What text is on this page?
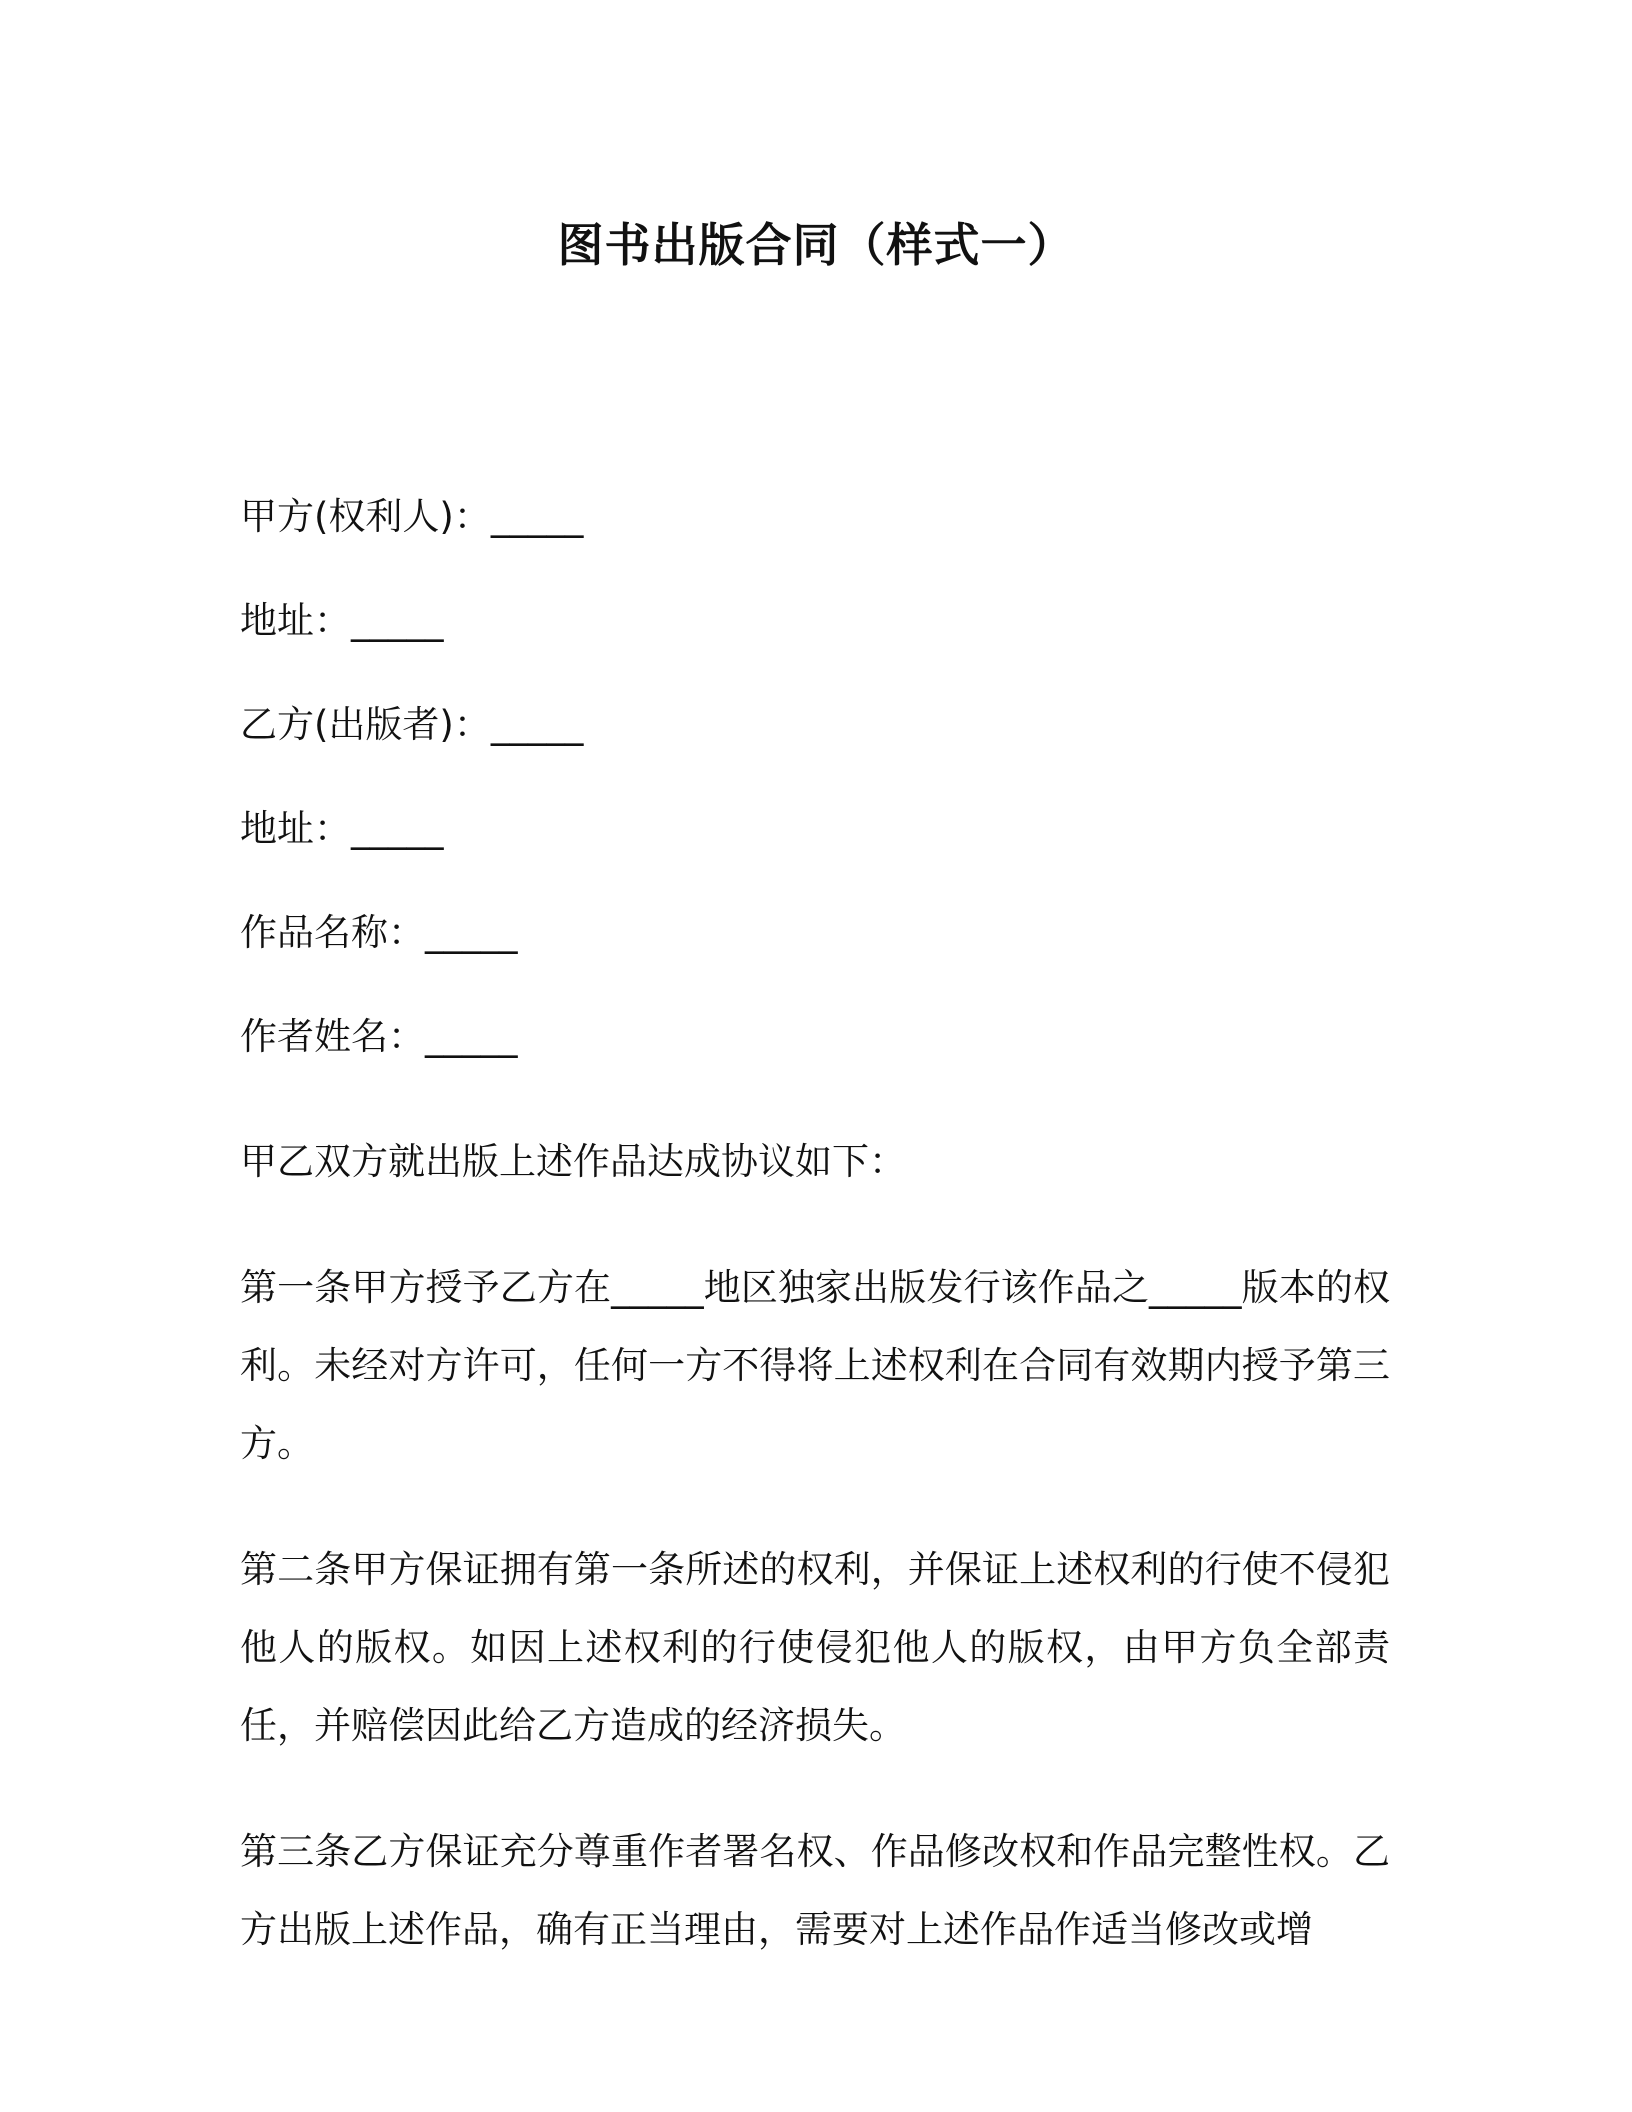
图书出版合同（样式一）

甲方(权利人)：_____

地址：_____

乙方(出版者)：_____

地址：_____

作品名称：_____

作者姓名：_____

甲乙双方就出版上述作品达成协议如下：

第一条甲方授予乙方在_____地区独家出版发行该作品之_____版本的权利。未经对方许可，任何一方不得将上述权利在合同有效期内授予第三方。

第二条甲方保证拥有第一条所述的权利，并保证上述权利的行使不侵犯他人的版权。如因上述权利的行使侵犯他人的版权，由甲方负全部责任，并赔偿因此给乙方造成的经济损失。

第三条乙方保证充分尊重作者署名权、作品修改权和作品完整性权。乙方出版上述作品，确有正当理由，需要对上述作品作适当修改或增
